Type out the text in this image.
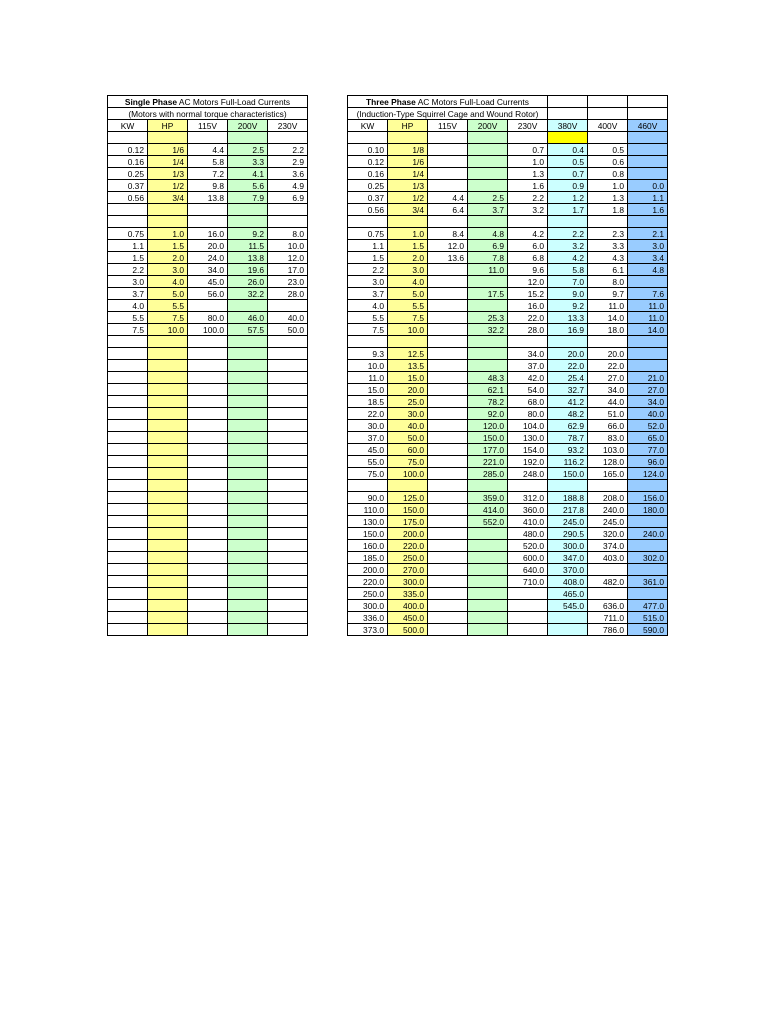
Single Phase AC Motors Full-Load Currents						Three Phase AC Motors Full-Load Currents							
(Motors with normal torque characteristics)						(Induction-Type Squirrel Cage and Wound Rotor)							
KW	HP	115V	200V	230V		KW	HP	115V	200V	230V	380V	400V	460V

0.12	1/6	4.4	2.5	2.2		0.10	1/8			0.7	0.4	0.5	
0.16	1/4	5.8	3.3	2.9		0.12	1/6			1.0	0.5	0.6	
0.25	1/3	7.2	4.1	3.6		0.16	1/4			1.3	0.7	0.8	
0.37	1/2	9.8	5.6	4.9		0.25	1/3			1.6	0.9	1.0	0.0
0.56	3/4	13.8	7.9	6.9		0.37	1/2	4.4	2.5	2.2	1.2	1.3	1.1
						0.56	3/4	6.4	3.7	3.2	1.7	1.8	1.6

0.75	1.0	16.0	9.2	8.0		0.75	1.0	8.4	4.8	4.2	2.2	2.3	2.1
1.1	1.5	20.0	11.5	10.0		1.1	1.5	12.0	6.9	6.0	3.2	3.3	3.0
1.5	2.0	24.0	13.8	12.0		1.5	2.0	13.6	7.8	6.8	4.2	4.3	3.4
2.2	3.0	34.0	19.6	17.0		2.2	3.0		11.0	9.6	5.8	6.1	4.8
3.0	4.0	45.0	26.0	23.0		3.0	4.0			12.0	7.0	8.0	
3.7	5.0	56.0	32.2	28.0		3.7	5.0		17.5	15.2	9.0	9.7	7.6
4.0	5.5					4.0	5.5			16.0	9.2	11.0	11.0
5.5	7.5	80.0	46.0	40.0		5.5	7.5		25.3	22.0	13.3	14.0	11.0
7.5	10.0	100.0	57.5	50.0		7.5	10.0		32.2	28.0	16.9	18.0	14.0

						9.3	12.5			34.0	20.0	20.0	
						10.0	13.5			37.0	22.0	22.0	
						11.0	15.0		48.3	42.0	25.4	27.0	21.0
						15.0	20.0		62.1	54.0	32.7	34.0	27.0
						18.5	25.0		78.2	68.0	41.2	44.0	34.0
						22.0	30.0		92.0	80.0	48.2	51.0	40.0
						30.0	40.0		120.0	104.0	62.9	66.0	52.0
						37.0	50.0		150.0	130.0	78.7	83.0	65.0
						45.0	60.0		177.0	154.0	93.2	103.0	77.0
						55.0	75.0		221.0	192.0	116.2	128.0	96.0
						75.0	100.0		285.0	248.0	150.0	165.0	124.0

						90.0	125.0		359.0	312.0	188.8	208.0	156.0
						110.0	150.0		414.0	360.0	217.8	240.0	180.0
						130.0	175.0		552.0	410.0	245.0	245.0	
						150.0	200.0			480.0	290.5	320.0	240.0
						160.0	220.0			520.0	300.0	374.0	
						185.0	250.0			600.0	347.0	403.0	302.0
						200.0	270.0			640.0	370.0		
						220.0	300.0			710.0	408.0	482.0	361.0
						250.0	335.0				465.0		
						300.0	400.0				545.0	636.0	477.0
						336.0	450.0					711.0	515.0
						373.0	500.0					786.0	590.0
